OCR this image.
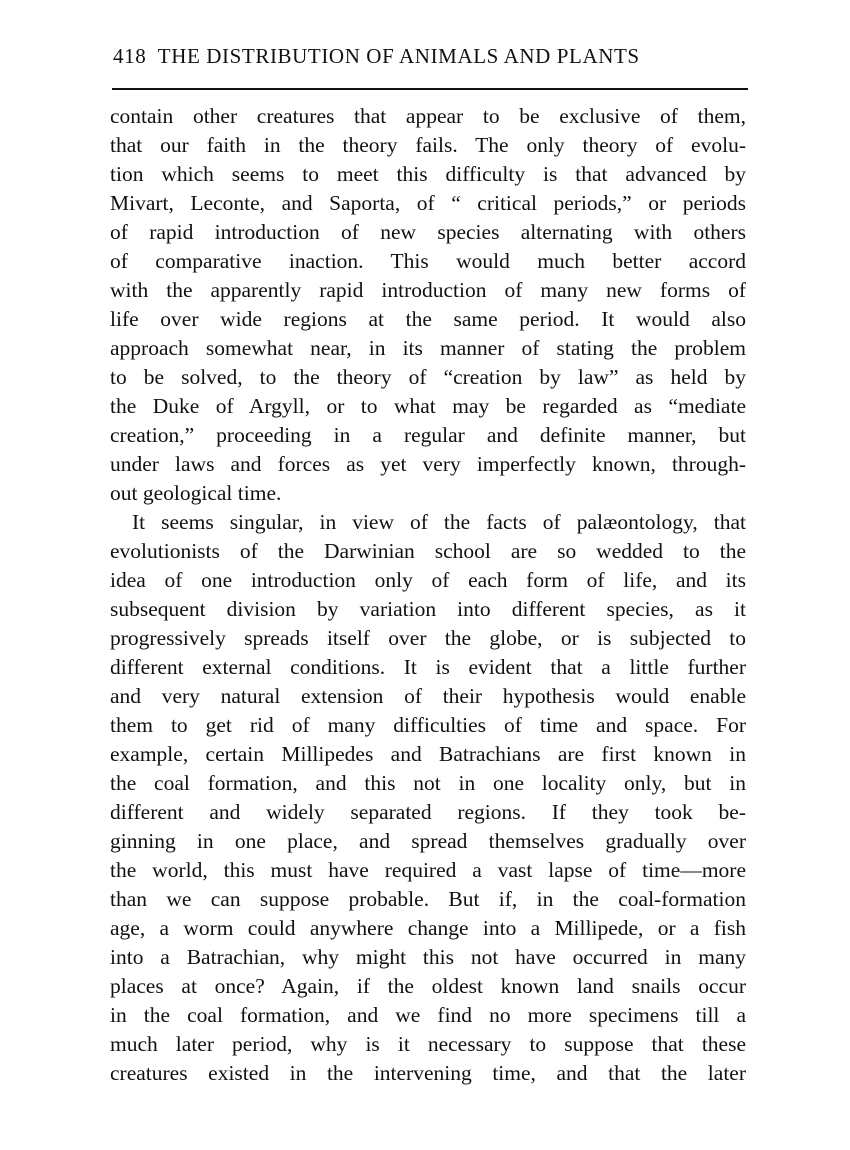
418 THE DISTRIBUTION OF ANIMALS AND PLANTS
contain other creatures that appear to be exclusive of them,
that our faith in the theory fails. The only theory of evolu-
tion which seems to meet this difficulty is that advanced by
Mivart, Leconte, and Saporta, of “ critical periods,” or periods
of rapid introduction of new species alternating with others
of comparative inaction. This would much better accord
with the apparently rapid introduction of many new forms of
life over wide regions at the same period. It would also
approach somewhat near, in its manner of stating the problem
to be solved, to the theory of “creation by law” as held by
the Duke of Argyll, or to what may be regarded as “mediate
creation,” proceeding in a regular and definite manner, but
under laws and forces as yet very imperfectly known, through-
out geological time.
It seems singular, in view of the facts of palæontology, that
evolutionists of the Darwinian school are so wedded to the
idea of one introduction only of each form of life, and its
subsequent division by variation into different species, as it
progressively spreads itself over the globe, or is subjected to
different external conditions. It is evident that a little further
and very natural extension of their hypothesis would enable
them to get rid of many difficulties of time and space. For
example, certain Millipedes and Batrachians are first known in
the coal formation, and this not in one locality only, but in
different and widely separated regions. If they took be-
ginning in one place, and spread themselves gradually over
the world, this must have required a vast lapse of time—more
than we can suppose probable. But if, in the coal-formation
age, a worm could anywhere change into a Millipede, or a fish
into a Batrachian, why might this not have occurred in many
places at once? Again, if the oldest known land snails occur
in the coal formation, and we find no more specimens till a
much later period, why is it necessary to suppose that these
creatures existed in the intervening time, and that the later
